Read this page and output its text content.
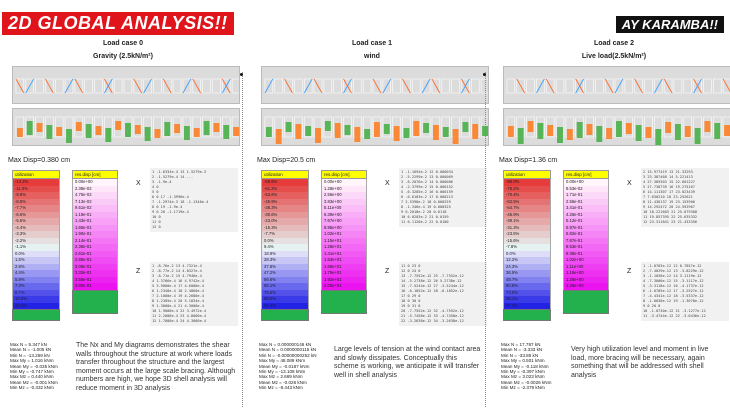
2D GLOBAL ANALYSIS!!	AY KARAMBA!!
Load case 0
Gravity (2.5kN/m²)
Max Disp=0.380 cm
utilization
-13.2%
-11.0%
-9.9%
-8.8%
-7.7%
-6.6%
-5.5%
-4.4%
-3.3%
-2.2%
-1.1%
0.0%
1.5%
2.9%
4.4%
5.8%
7.3%
8.7%
10.2%
11.6%
res.disp [cm]
0.00e+00
2.38e-02
4.75e-02
7.13e-02
9.51e-02
1.19e-01
1.43e-01
1.66e-01
1.90e-01
2.14e-01
2.38e-01
2.61e-01
2.85e-01
3.09e-01
3.33e-01
3.56e-01
3.80e-01
X
Z
1 -1.6334e-4 13 1.5279e-3
2 -1.5279e-4 14 ...
3 -1.9e-4
4 0
5 0
6 0 17 -1.3996e-4
7 -1.2974e-3 18 -1.1346e-4
8 0 19 -1.9e-4
9 0 20 -1.1719e-4
10 0
11 0
12 0
1 -8.76e-2 13 4.7321e-4
2 -8.77e-2 14 4.8327e-4
3 -8.71e-2 15 4.7946e-4
4 1.3766e-4 16 4.9742e-4
5 3.9000e-4 17 4.6000e-4
6 1.2340e-4 18 2.4860e-4
7 2.1000e-4 19 4.2680e-4
8 1.2305e-4 20 5.1834e-4
9 1.3000e-4 21 4.3000e-4
10 1.9000e-4 22 3.4972e-4
11 2.2000e-4 23 4.8000e-4
12 1.7000e-4 24 4.3000e-4
Max N = 5.347 kN
Mean N = -1.005 kN
Min N = -13.269 kN
Max My = 1.016 kNm
Mean My = -0.035 kNm
Min My = -0.747 kNm
Max Mz = 0.440 kNm
Mean Mz = -0.001 kNm
Min Mz = -0.332 kNm
The Nx and My diagrams demonstrates the shear walls throughout the structure at work where loads transfer throughout the structure and the largest moment occurs at the large scale bracing. Although numbers are high, we hope 3D shell analysis will reduce moment in 3D analysis
Load case 1
wind
Max Disp=20.5 cm
utilization
-68.8%
-61.2%
-53.6%
-45.9%
-38.3%
-30.6%
-23.0%
-15.3%
-7.7%
0.0%
9.4%
18.9%
28.3%
37.8%
47.2%
56.6%
66.1%
75.5%
85.0%
94.4%
res.disp [cm]
0.00e+00
1.28e+00
2.56e+00
3.83e+00
5.11e+00
6.39e+00
7.67e+00
8.95e+00
1.02e+01
1.15e+01
1.28e+01
1.41e+01
1.53e+01
1.66e+01
1.79e+01
1.92e+01
2.05e+01
X
Z
1 -1.1694e-2 12 0.000034
2 -5.2299e-2 13 0.000069
3 -6.2076e-2 14 0.000086
4 -2.3799e-2 15 0.000152
5 -6.3285e-2 16 0.000159
6 -6.6103e-2 17 0.000213
7 2.5398e-2 18 0.000259
8 -1.346e-4 19 0.000325
9 6.2018e-2 20 0.0118
10 6.0203e-2 21 0.0159
11 6.1120e-2 22 0.0180
11 0 23 0
12 0 24 0
13 -7.7552e-12 25 -7.7552e-12
14 -5.2738e-12 26 5.2738e-12
15 -7.5244e-12 27 -3.5244e-12
16 -6.1852e-12 28 -6.1852e-12
17 0 29 0
18 0 30 0
19 0 31 0
20 -7.7552e-12 32 -4.7552e-12
21 -5.7458e-12 33 -4.7458e-12
22 -3.2638e-12 34 -3.2638e-12
Max N = 0.000000146 kN
Mean N = 0.0000000115 kN
Min N = -0.00000000252 kN
Max My = 48.089 kNm
Mean My = -0.0187 kNm
Min My = -13.108 kNm
Max Mz = 2.669 kNm
Mean Mz = -0.026 kNm
Min Mz = -8.443 kNm
Large levels of tension at the wind contact area and slowly dissipates. Conceptually this scheme is working, we anticipate it will transfer well in shell analysis
Load case 2
Live load(2.5kN/m²)
Max Disp=1.36 cm
utilization
-86.0%
-78.2%
-70.4%
-62.5%
-54.7%
-46.9%
-39.1%
-31.3%
-23.5%
-15.6%
-7.8%
0.0%
12.2%
24.3%
36.5%
48.7%
60.8%
73.0%
85.1%
97.3%
res.disp [cm]
0.00e+00
8.53e-02
1.71e-01
2.56e-01
3.41e-01
4.26e-01
5.12e-01
5.97e-01
6.82e-01
7.67e-01
8.53e-01
9.38e-01
1.02e+00
1.11e+00
1.19e+00
1.28e+00
1.36e+00
X
Z
2 15.977419 13 21.33293
3 23.387468 14 5.221413
4 27.389303 15 22.601227
5 27.738739 16 19.275167
6 14.111307 17 23.023439
7 7.630210 18 23.252621
8 11.436137 19 23.153906
9 14.292472 20 24.592967
10 18.221603 21 25.079308
11 19.857395 22 25.635332
12 23.311841 23 21.433356
1 -1.0703e-12 12 0.7857e-12
2 -7.4029e-12 13 -3.8229e-12
3 -1.1030e-12 14 3.1119e-12
4 -7.3000e-12 15 -3.1117e-12
5 -3.3118e-12 16 -4.1737e-12
6 -1.0705e-12 17 -3.2527e-12
7 -4.4341e-12 18 -3.5337e-12
8 -1.0030e-12 19 -1.3070e-12
9 0 20 0
10 -1.0730e-12 21 -3.1277e-12
11 -3.4744e-12 22 -3.0436e-12
Max N = 17.787 kN
Mean N = -3.333 kN
Min N = -33.85 kN
Max My = 0.501 kNm
Mean My = -0.118 kNm
Min My = -0.397 kNm
Max Mz = 3.023 kNm
Mean Mz = -0.0026 kNm
Min Mz = -2.379 kNm
Very high utilization level and moment in live load, more bracing will be necessary, again something that will be addressed with shell analysis
